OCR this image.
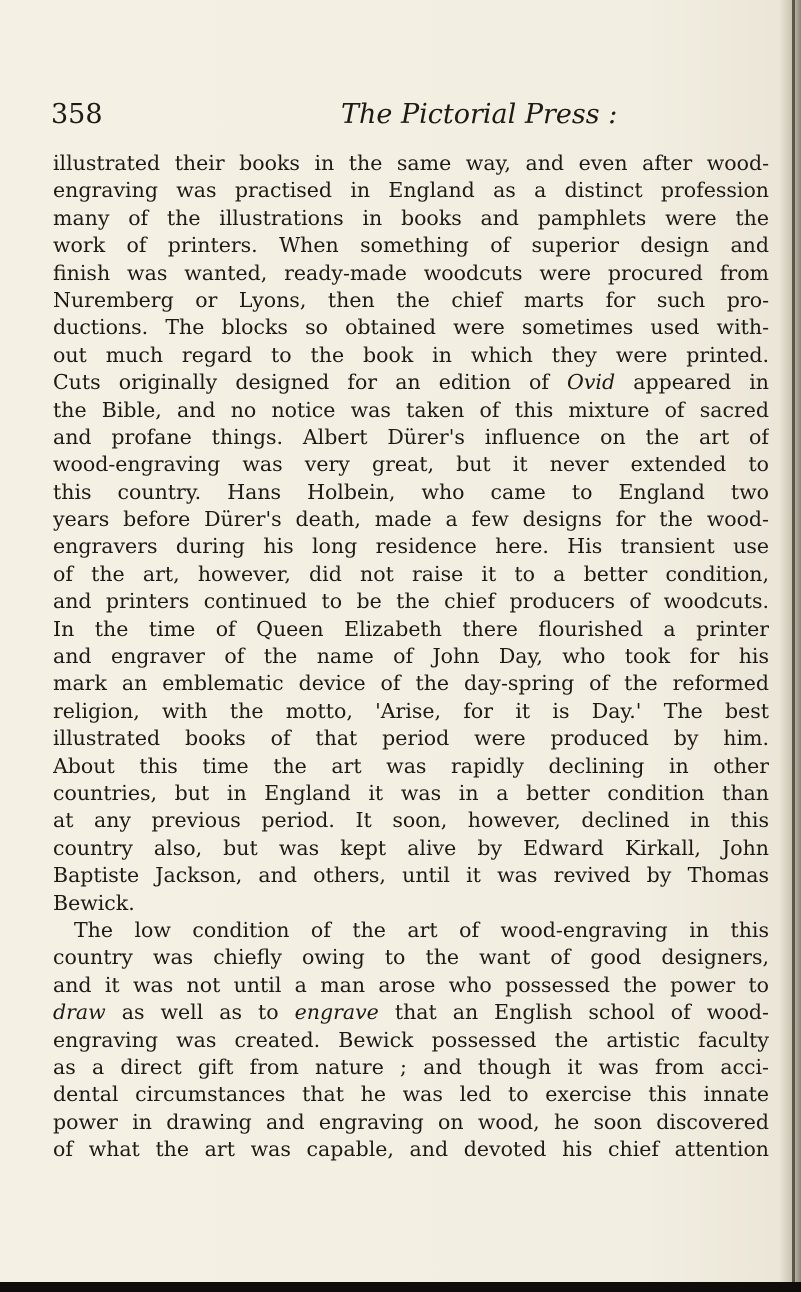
358	The Pictorial Press :
illustrated their books in the same way, and even after wood-
engraving was practised in England as a distinct profession
many of the illustrations in books and pamphlets were the
work of printers. When something of superior design and
finish was wanted, ready-made woodcuts were procured from
Nuremberg or Lyons, then the chief marts for such pro-
ductions. The blocks so obtained were sometimes used with-
out much regard to the book in which they were printed.
Cuts originally designed for an edition of Ovid appeared in
the Bible, and no notice was taken of this mixture of sacred
and profane things. Albert Dürer's influence on the art of
wood-engraving was very great, but it never extended to
this country. Hans Holbein, who came to England two
years before Dürer's death, made a few designs for the wood-
engravers during his long residence here. His transient use
of the art, however, did not raise it to a better condition,
and printers continued to be the chief producers of woodcuts.
In the time of Queen Elizabeth there flourished a printer
and engraver of the name of John Day, who took for his
mark an emblematic device of the day-spring of the reformed
religion, with the motto, 'Arise, for it is Day.' The best
illustrated books of that period were produced by him.
About this time the art was rapidly declining in other
countries, but in England it was in a better condition than
at any previous period. It soon, however, declined in this
country also, but was kept alive by Edward Kirkall, John
Baptiste Jackson, and others, until it was revived by Thomas
Bewick.
The low condition of the art of wood-engraving in this
country was chiefly owing to the want of good designers,
and it was not until a man arose who possessed the power to
draw as well as to engrave that an English school of wood-
engraving was created. Bewick possessed the artistic faculty
as a direct gift from nature ; and though it was from acci-
dental circumstances that he was led to exercise this innate
power in drawing and engraving on wood, he soon discovered
of what the art was capable, and devoted his chief attention
